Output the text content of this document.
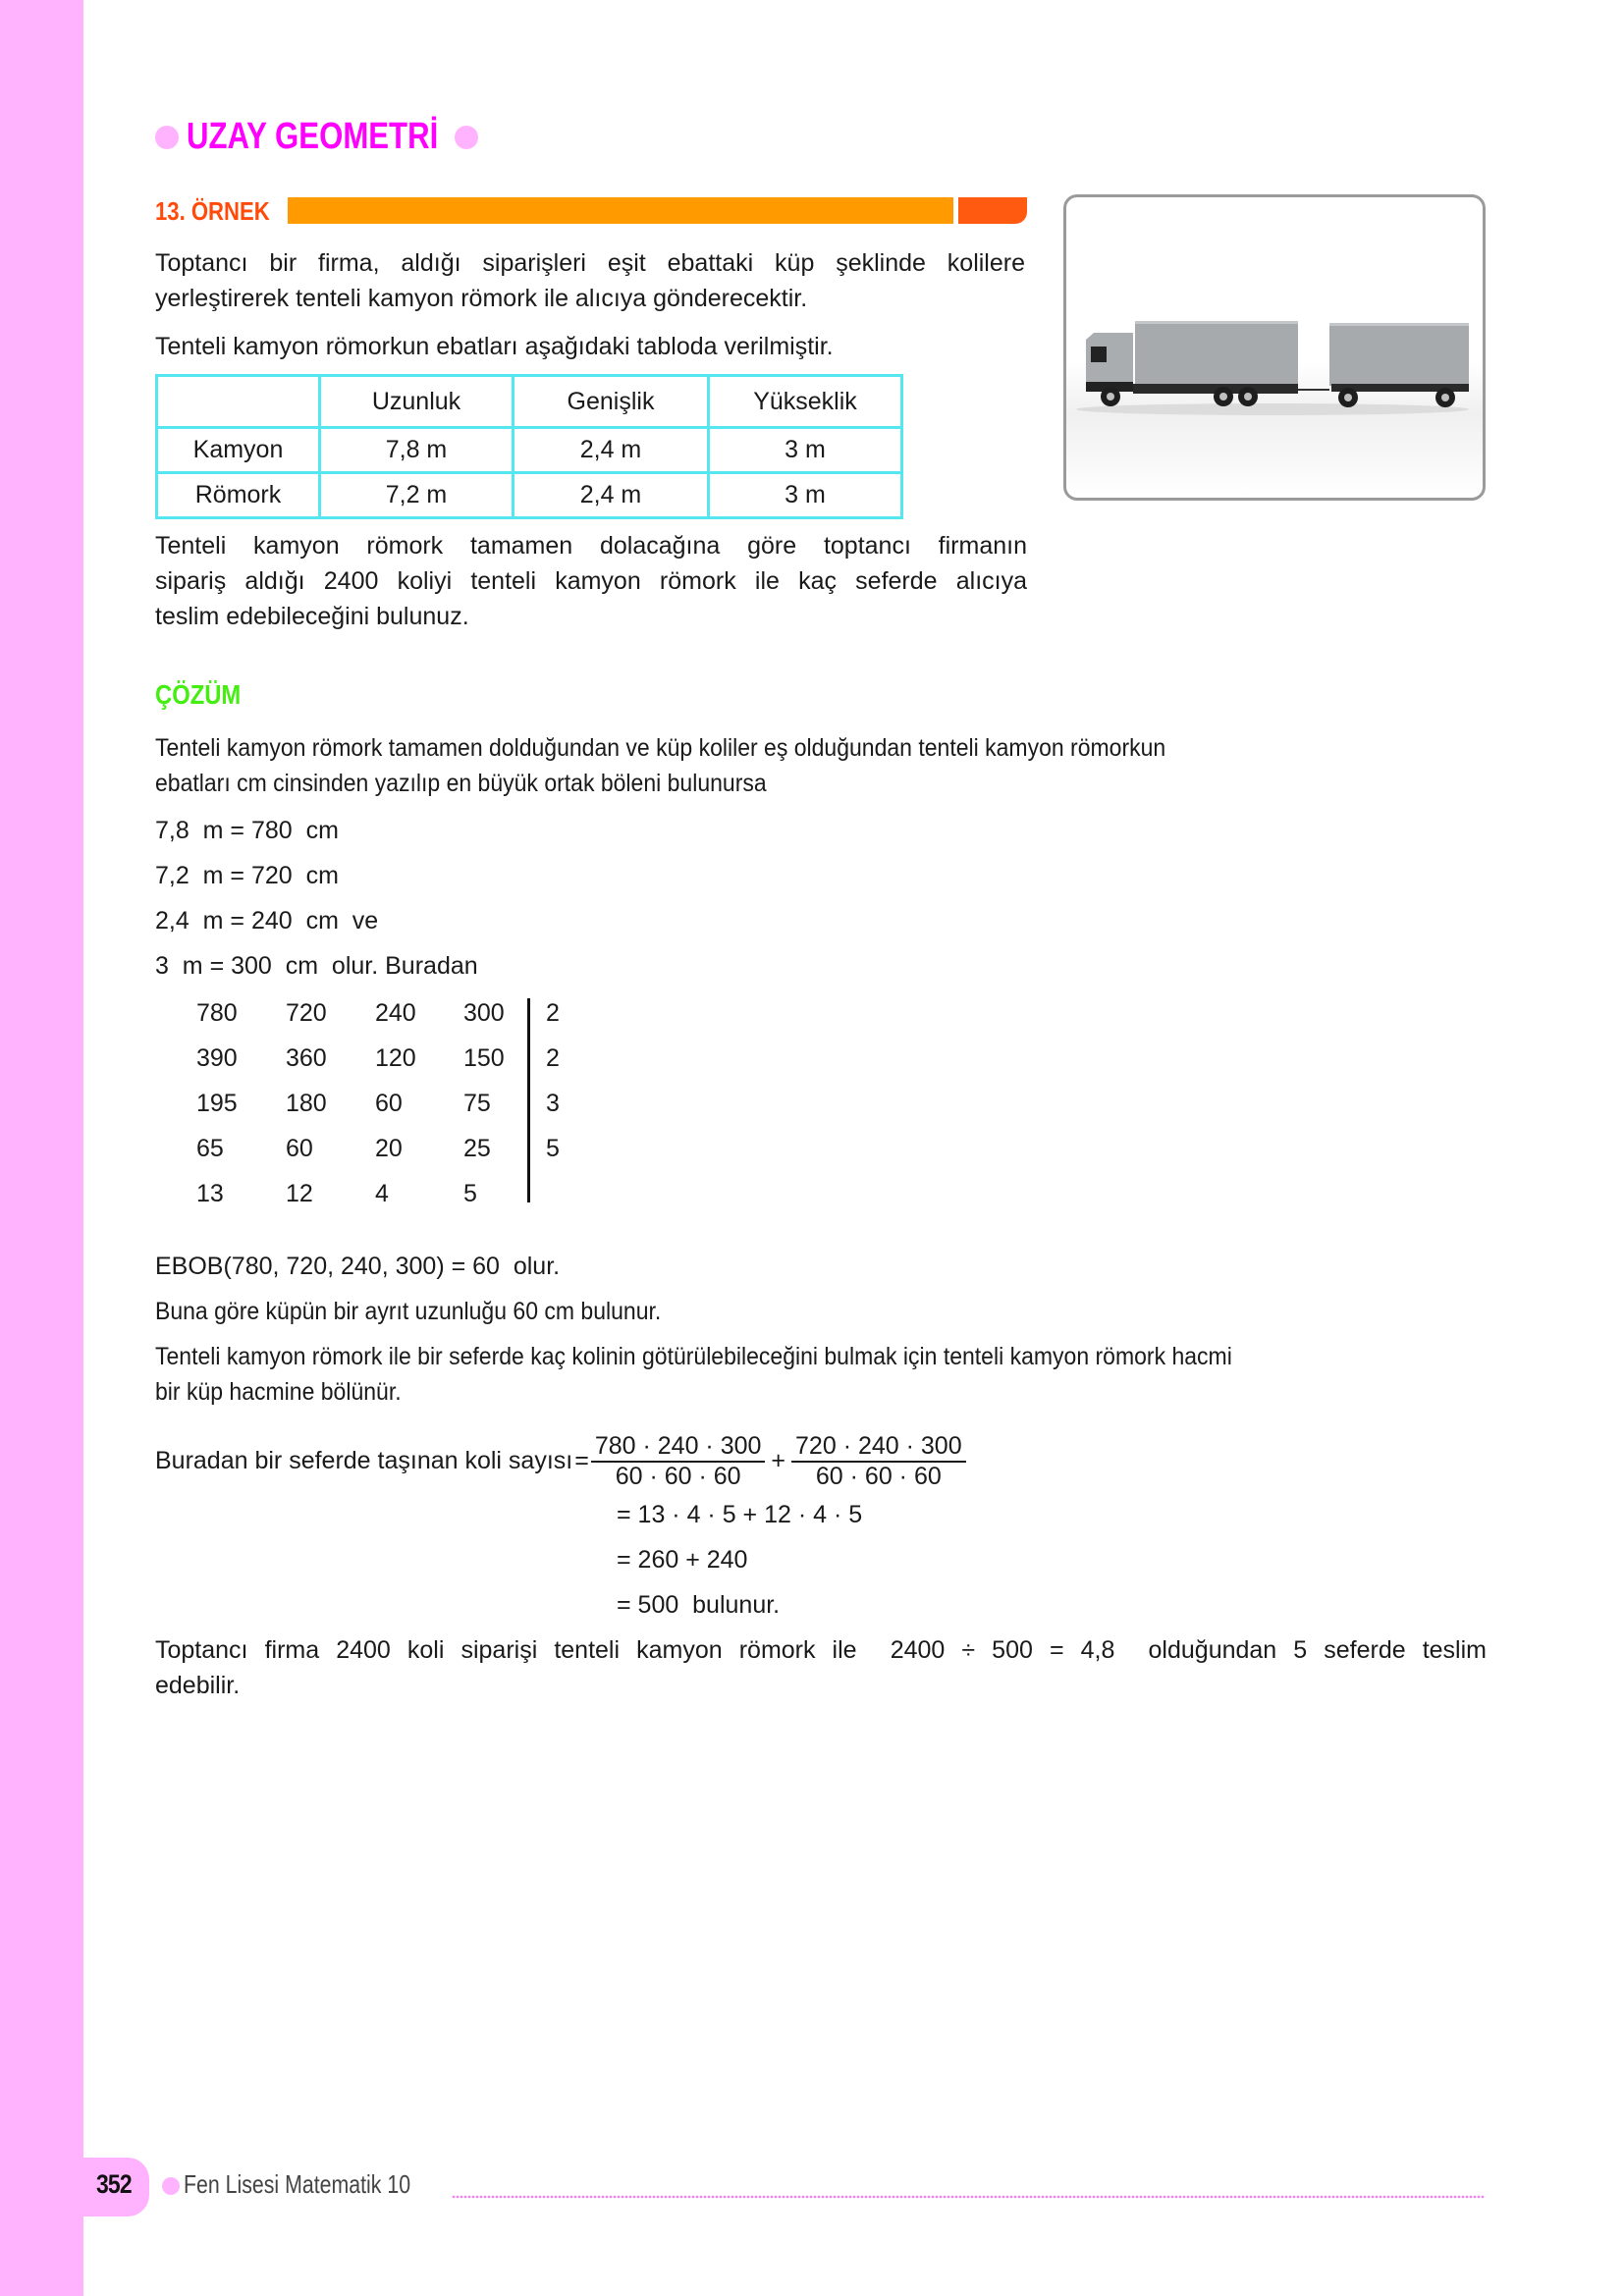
352
UZAY GEOMETRİ
13. ÖRNEK
Toptancı bir firma, aldığı siparişleri eşit ebattaki küp şeklinde kolilere
yerleştirerek tenteli kamyon römork ile alıcıya gönderecektir.
Tenteli kamyon römorkun ebatları aşağıdaki tabloda verilmiştir.
	Uzunluk	Genişlik	Yükseklik
Kamyon	7,8 m	2,4 m	3 m
Römork	7,2 m	2,4 m	3 m
Tenteli kamyon römork tamamen dolacağına göre toptancı firmanın
sipariş aldığı 2400 koliyi tenteli kamyon römork ile kaç seferde alıcıya
teslim edebileceğini bulunuz.
ÇÖZÜM
Tenteli kamyon römork tamamen dolduğundan ve küp koliler eş olduğundan tenteli kamyon römorkun
ebatları cm cinsinden yazılıp en büyük ortak böleni bulunursa
7,8  m = 780  cm
7,2  m = 720  cm
2,4  m = 240  cm  ve
3  m = 300  cm  olur. Buradan
780 720 240 300 2
390 360 120 150 2
195 180 60 75 3
65	60	20 25 5
13	12	4	5
EBOB(780, 720, 240, 300) = 60  olur.
Buna göre küpün bir ayrıt uzunluğu 60 cm bulunur.
Tenteli kamyon römork ile bir seferde kaç kolinin götürülebileceğini bulmak için tenteli kamyon römork hacmi
bir küp hacmine bölünür.
Buradan bir seferde taşınan koli sayısı = $\frac{780 \cdot 240 \cdot 300}{60 \cdot 60 \cdot 60} + \frac{720 \cdot 240 \cdot 300}{60 \cdot 60 \cdot 60}$
= 13 · 4 · 5 + 12 · 4 · 5
= 260 + 240
= 500  bulunur.
Toptancı firma 2400 koli siparişi tenteli kamyon römork ile  2400 ÷ 500 = 4,8  olduğundan 5 seferde teslim
edebilir.
Fen Lisesi Matematik 10
